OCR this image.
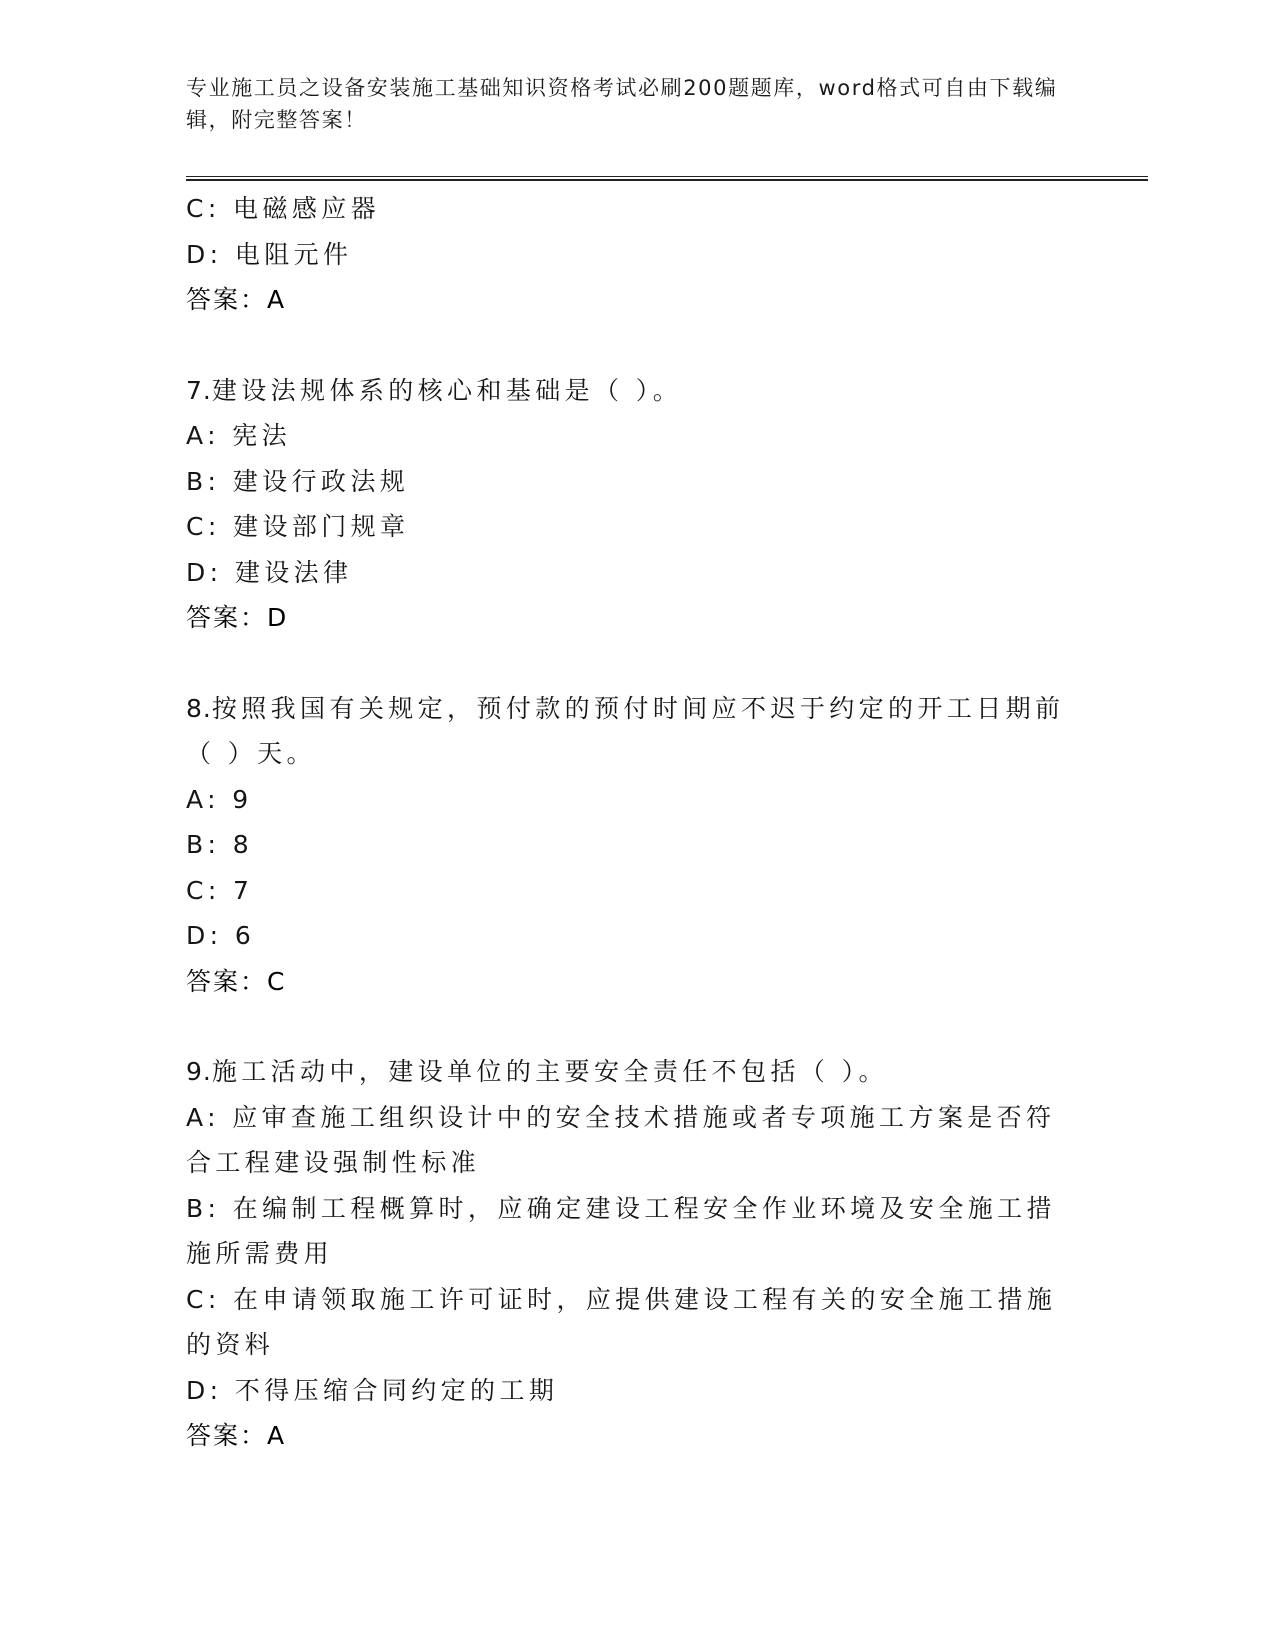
专业施工员之设备安装施工基础知识资格考试必刷200题题库，word格式可自由下载编辑，附完整答案！
C: 电磁感应器
D: 电阻元件
答案：A
7.建设法规体系的核心和基础是（ ）。
A: 宪法
B: 建设行政法规
C: 建设部门规章
D: 建设法律
答案：D
8.按照我国有关规定，预付款的预付时间应不迟于约定的开工日期前（ ）天。
A: 9
B: 8
C: 7
D: 6
答案：C
9.施工活动中，建设单位的主要安全责任不包括（ ）。
A: 应审查施工组织设计中的安全技术措施或者专项施工方案是否符合工程建设强制性标准
B: 在编制工程概算时，应确定建设工程安全作业环境及安全施工措施所需费用
C: 在申请领取施工许可证时，应提供建设工程有关的安全施工措施的资料
D: 不得压缩合同约定的工期
答案：A
